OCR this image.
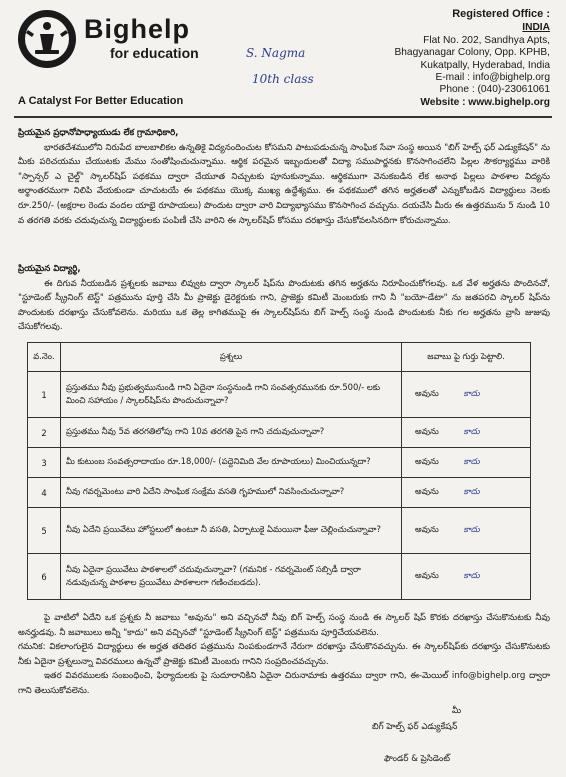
Bighelp
for education
A Catalyst For Better Education
S. Nagma
10th class
Registered Office :
INDIA
Flat No. 202, Sandhya Apts,
Bhagyanagar Colony, Opp. KPHB,
Kukatpally, Hyderabad, India
E-mail : info@bighelp.org
Phone : (040)-23061061
Website : www.bighelp.org
ప్రియమైన ప్రధానోపాధ్యాయుడు లేక గ్రామాధికారి,
భారతదేశములోని నిరుపేద బాలబాలికల ఉన్నతికై విద్యనందించుట కోసమని పాటుపడుచున్న సాంఘిక సేవా సంస్థ అయిన "బిగ్ హెల్ప్ ఫర్ ఎడ్యుకేషన్" ను మీకు పరిచయము చేయుటకు మేము సంతోషించుచున్నాము. ఆర్థిక పరమైన ఇబ్బందులతో విద్యా సముపార్జనకు కొనసాగించలేని పిల్లల సౌకర్యార్థము వారికి "స్పాన్సర్ ఎ చైల్డ్" స్కాలర్‌షిప్ పథకము ద్వారా చేయూత నిచ్చుటకు పూనుకున్నాము. ఆర్థికముగా వెనుకబడిన లేక అనాథ పిల్లలు పాఠశాల విద్యను అర్థాంతరముగా నిలిపి వేయకుండా చూచుటయే ఈ పథకము యొక్క ముఖ్య ఉద్దేశ్యము. ఈ పథకములో తగిన అర్హతలతో ఎన్నుకోబడిన విద్యార్థులు నెలకు రూ.250/- (అక్షరాల రెండు వందల యాభై రూపాయలు) పొందుట ద్వారా వారి విద్యాభ్యాసము కొనసాగించ వచ్చును. దయచేసి మీరు ఈ ఉత్తరమును 5 నుండి 10 వ తరగతి వరకు చదువుచున్న విద్యార్థులకు పంపిణీ చేసి వారిని ఈ స్కాలర్‌షిప్ కోసము దరఖాస్తు చేసుకోవలసినదిగా కోరుచున్నాము.
ప్రియమైన విద్యార్థి,
ఈ దిగువ నీయబడిన ప్రశ్నలకు జవాబు లివ్వుట ద్వారా స్కాలర్ షిప్‌ను పొందుటకు తగిన అర్హతను నిరూపించుకోగలవు. ఒక వేళ అర్హతను పొందినచో, "స్టూడెంట్ స్క్రీనింగ్ టెస్ట్" పత్రమును పూర్తి చేసి మీ ప్రాజెక్టు డైరెక్టరుకు గాని, ప్రాజెక్టు కమిటీ మెంబరుకు గాని నీ "బయో-డేటా" ను జతపరచి స్కాలర్ షిప్‌ను పొందుటకు దరఖాస్తు చేసుకోవలెను. మరియు ఒక తెల్ల కాగితముపై ఈ స్కాలర్‌షిప్‌ను బిగ్ హెల్ప్ సంస్థ నుండి పొందుటకు నీకు గల అర్హతను వ్రాసి జుజువు చేసుకోగలవు.
వ.నెం.	ప్రశ్నలు	జవాబు పై గుర్తు పెట్టాలి.
1	ప్రస్తుతము నీవు ప్రభుత్వమునుండి గాని ఏదైనా సంస్థనుండి గాని సంవత్సరమునకు రూ.500/- లకు మించి సహాయం / స్కాలర్‌షిప్‌ను పొందుచున్నావా?	అవును కాదు
2	ప్రస్తుతము నీవు 5వ తరగతిలోపు గాని 10వ తరగతి పైన గాని చదువుచున్నావా?	అవును కాదు
3	మీ కుటుంబ సంవత్సరాదాయం రూ.18,000/- (పద్దెనిమిది వేల రూపాయలు) మించియున్నదా?	అవును కాదు
4	నీవు గవర్నమెంటు వారి ఏదేని సాంఘిక సంక్షేమ వసతి గృహములో నివసించుచున్నావా?	అవును కాదు
5	నీవు ఏదేని ప్రయివేటు హోస్టలులో ఉంటూ నీ వసతి, ఏర్పాటుకై ఏమయినా ఫీజు చెల్లించుచున్నావా?	అవును కాదు
6	నీవు ఏదైనా ప్రయివేటు పాఠశాలలో చదువుచున్నావా? (గమనిక - గవర్నమెంట్ సబ్సిడీ ద్వారా నడువుచున్న పాఠశాల ప్రయివేటు పాఠశాలగా గణించబడదు).	అవును కాదు
పై వాటిలో ఏదేని ఒక ప్రశ్నకు నీ జవాబు "అవును" అని వచ్చినచో నీవు బిగ్ హెల్ప్ సంస్థ నుండి ఈ స్కాలర్ షిప్ కొరకు దరఖాస్తు చేసుకొనుటకు నీవు అనర్హుడవు. నీ జవాబులు అన్నీ "కాదు" అని వచ్చినచో "స్టూడెంట్ స్క్రీనింగ్ టెస్ట్" పత్రమును పూర్తిచేయవలెను.
గమనిక: వికలాంగులైన విద్యార్థులు ఈ అర్హత తదితర పత్రమును నింపకుండగానే నేరుగా దరఖాస్తు చేసుకొనవచ్చును. ఈ స్కాలర్‌షిప్‌కు దరఖాస్తు చేసుకొనుటకు నీకు ఏదైనా ప్రశ్నలున్నా వివరములు ఉన్నచో ప్రాజెక్టు కమిటీ మెంబరు గానిని సంప్రదించవచ్చును.
ఇతర వివరములకు సంబంధించి, ఫిర్యాదులకు పై సుదూరానికిని ఏదైనా చిరునామాకు ఉత్తరము ద్వారా గాని, ఈ-మెయిల్ info@bighelp.org ద్వారా గాని తెలుసుకోవలెను.
మీ
బిగ్ హెల్ప్ ఫర్ ఎడ్యుకేషన్
ఫౌండర్ & ప్రెసిడెంట్
